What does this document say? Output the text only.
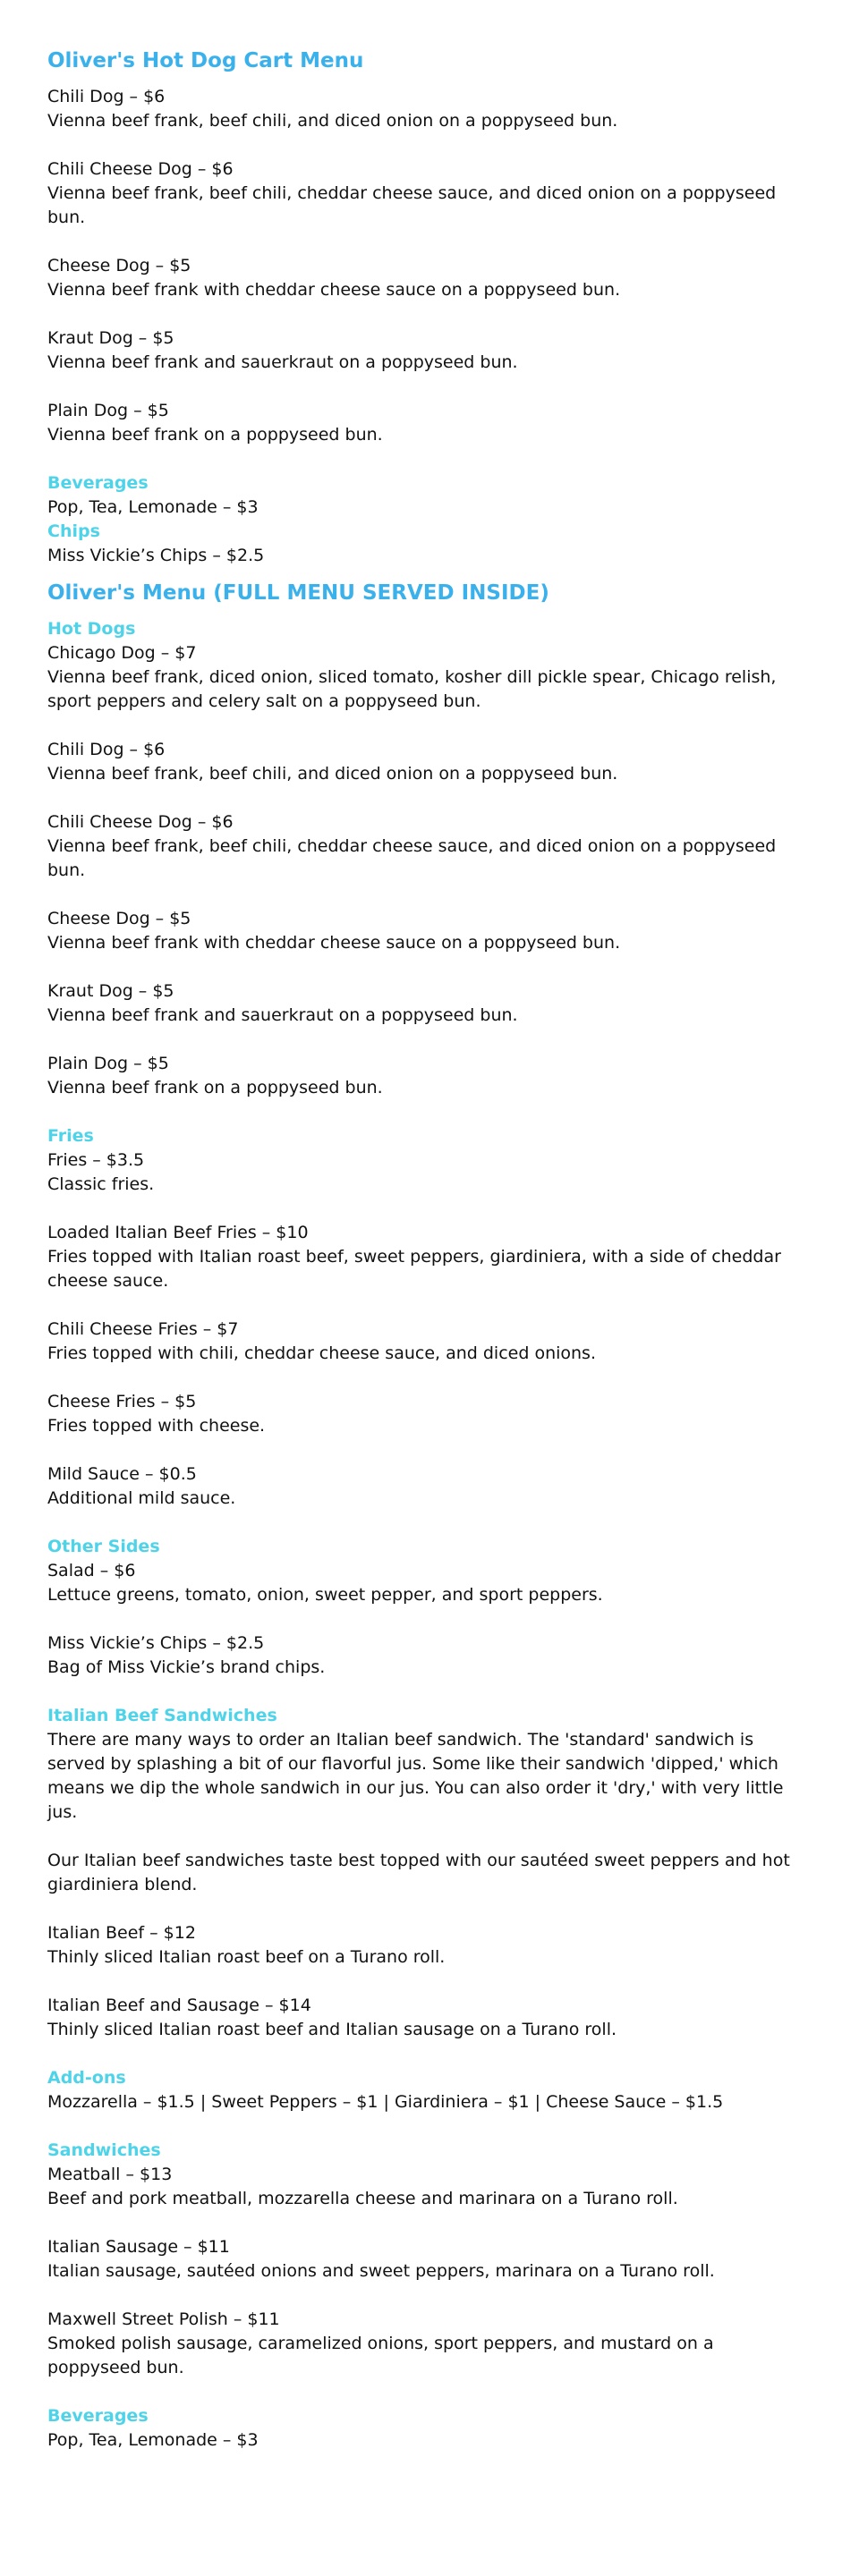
Oliver's Hot Dog Cart Menu
Chili Dog – $6
Vienna beef frank, beef chili, and diced onion on a poppyseed bun.
Chili Cheese Dog – $6
Vienna beef frank, beef chili, cheddar cheese sauce, and diced onion on a poppyseed bun.
Cheese Dog – $5
Vienna beef frank with cheddar cheese sauce on a poppyseed bun.
Kraut Dog – $5
Vienna beef frank and sauerkraut on a poppyseed bun.
Plain Dog – $5
Vienna beef frank on a poppyseed bun.
Beverages
Pop, Tea, Lemonade – $3
Chips
Miss Vickie’s Chips – $2.5
Oliver's Menu (FULL MENU SERVED INSIDE)
Hot Dogs
Chicago Dog – $7
Vienna beef frank, diced onion, sliced tomato, kosher dill pickle spear, Chicago relish, sport peppers and celery salt on a poppyseed bun.
Chili Dog – $6
Vienna beef frank, beef chili, and diced onion on a poppyseed bun.
Chili Cheese Dog – $6
Vienna beef frank, beef chili, cheddar cheese sauce, and diced onion on a poppyseed bun.
Cheese Dog – $5
Vienna beef frank with cheddar cheese sauce on a poppyseed bun.
Kraut Dog – $5
Vienna beef frank and sauerkraut on a poppyseed bun.
Plain Dog – $5
Vienna beef frank on a poppyseed bun.
Fries
Fries – $3.5
Classic fries.
Loaded Italian Beef Fries – $10
Fries topped with Italian roast beef, sweet peppers, giardiniera, with a side of cheddar cheese sauce.
Chili Cheese Fries – $7
Fries topped with chili, cheddar cheese sauce, and diced onions.
Cheese Fries – $5
Fries topped with cheese.
Mild Sauce – $0.5
Additional mild sauce.
Other Sides
Salad – $6
Lettuce greens, tomato, onion, sweet pepper, and sport peppers.
Miss Vickie’s Chips – $2.5
Bag of Miss Vickie’s brand chips.
Italian Beef Sandwiches
There are many ways to order an Italian beef sandwich. The 'standard' sandwich is served by splashing a bit of our flavorful jus. Some like their sandwich 'dipped,' which means we dip the whole sandwich in our jus. You can also order it 'dry,' with very little jus.
Our Italian beef sandwiches taste best topped with our sautéed sweet peppers and hot giardiniera blend.
Italian Beef – $12
Thinly sliced Italian roast beef on a Turano roll.
Italian Beef and Sausage – $14
Thinly sliced Italian roast beef and Italian sausage on a Turano roll.
Add-ons
Mozzarella – $1.5 | Sweet Peppers – $1 | Giardiniera – $1 | Cheese Sauce – $1.5
Sandwiches
Meatball – $13
Beef and pork meatball, mozzarella cheese and marinara on a Turano roll.
Italian Sausage – $11
Italian sausage, sautéed onions and sweet peppers, marinara on a Turano roll.
Maxwell Street Polish – $11
Smoked polish sausage, caramelized onions, sport peppers, and mustard on a poppyseed bun.
Beverages
Pop, Tea, Lemonade – $3
